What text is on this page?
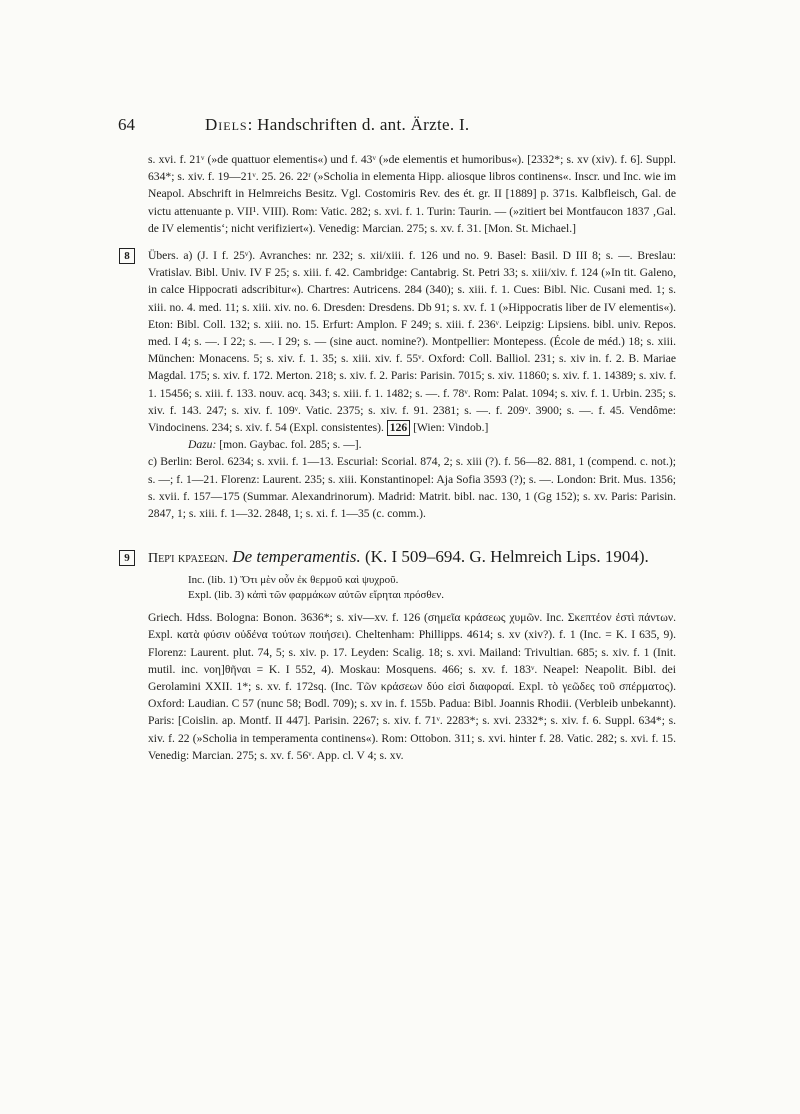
64	Diels: Handschriften d. ant. Ärzte. I.

s. xvi. f. 21ᵛ (»de quattuor elementis«) und f. 43ᵛ (»de elementis et humoribus«). [2332*; s. xv (xiv). f. 6]. Suppl. 634*; s. xiv. f. 19—21ᵛ. 25. 26. 22ʳ (»Scholia in elementa Hipp. aliosque libros continens«. Inscr. und Inc. wie im Neapol. Abschrift in Helmreichs Besitz. Vgl. Costomiris Rev. des ét. gr. II [1889] p. 371s. Kalbfleisch, Gal. de victu attenuante p. VII¹. VIII). Rom: Vatic. 282; s. xvi. f. 1. Turin: Taurin. — (»zitiert bei Montfaucon 1837 ‚Gal. de IV elementis‘; nicht verifiziert«). Venedig: Marcian. 275; s. xv. f. 31. [Mon. St. Michael.]

8	Übers. a) (J. I f. 25ᵛ). Avranches: nr. 232; s. xii/xiii. f. 126 und no. 9. Basel: Basil. D III 8; s. —. Breslau: Vratislav. Bibl. Univ. IV F 25; s. xiii. f. 42. Cambridge: Cantabrig. St. Petri 33; s. xiii/xiv. f. 124 (»In tit. Galeno, in calce Hippocrati adscribitur«). Chartres: Autricens. 284 (340); s. xiii. f. 1. Cues: Bibl. Nic. Cusani med. 1; s. xiii. no. 4. med. 11; s. xiii. xiv. no. 6. Dresden: Dresdens. Db 91; s. xv. f. 1 (»Hippocratis liber de IV elementis«). Eton: Bibl. Coll. 132; s. xiii. no. 15. Erfurt: Amplon. F 249; s. xiii. f. 236ᵛ. Leipzig: Lipsiens. bibl. univ. Repos. med. I 4; s. —. I 22; s. —. I 29; s. — (sine auct. nomine?). Montpellier: Montepess. (École de méd.) 18; s. xiii. München: Monacens. 5; s. xiv. f. 1. 35; s. xiii. xiv. f. 55ᵛ. Oxford: Coll. Balliol. 231; s. xiv in. f. 2. B. Mariae Magdal. 175; s. xiv. f. 172. Merton. 218; s. xiv. f. 2. Paris: Parisin. 7015; s. xiv. 11860; s. xiv. f. 1. 14389; s. xiv. f. 1. 15456; s. xiii. f. 133. nouv. acq. 343; s. xiii. f. 1. 1482; s. —. f. 78ᵛ. Rom: Palat. 1094; s. xiv. f. 1. Urbin. 235; s. xiv. f. 143. 247; s. xiv. f. 109ᵛ. Vatic. 2375; s. xiv. f. 91. 2381; s. —. f. 209ᵛ. 3900; s. —. f. 45. Vendôme: Vindocinens. 234; s. xiv. f. 54 (Expl. consistentes). 126 [Wien: Vindob.]

Dazu: [mon. Gaybac. fol. 285; s. —].

c) Berlin: Berol. 6234; s. xvii. f. 1—13. Escurial: Scorial. 874, 2; s. xiii (?). f. 56—82. 881, 1 (compend. c. not.); s. —; f. 1—21. Florenz: Laurent. 235; s. xiii. Konstantinopel: Aja Sofia 3593 (?); s. —. London: Brit. Mus. 1356; s. xvii. f. 157—175 (Summar. Alexandrinorum). Madrid: Matrit. bibl. nac. 130, 1 (Gg 152); s. xv. Paris: Parisin. 2847, 1; s. xiii. f. 1—32. 2848, 1; s. xi. f. 1—35 (c. comm.).

9	Περὶ κράσεων. De temperamentis. (K. I 509–694. G. Helmreich Lips. 1904).
Inc. (lib. 1) Ὅτι μὲν οὖν ἐκ θερμοῦ καὶ ψυχροῦ.
Expl. (lib. 3) κἀπὶ τῶν φαρμάκων αὐτῶν εἴρηται πρόσθεν.

Griech. Hdss. Bologna: Bonon. 3636*; s. xiv—xv. f. 126 (σημεῖα κράσεως χυμῶν. Inc. Σκεπτέον ἐστὶ πάντων. Expl. κατὰ φύσιν οὐδένα τούτων ποιήσει). Cheltenham: Phillipps. 4614; s. xv (xiv?). f. 1 (Inc. = K. I 635, 9). Florenz: Laurent. plut. 74, 5; s. xiv. p. 17. Leyden: Scalig. 18; s. xvi. Mailand: Trivultian. 685; s. xiv. f. 1 (Init. mutil. inc. νοη]θῆναι = K. I 552, 4). Moskau: Mosquens. 466; s. xv. f. 183ᵛ. Neapel: Neapolit. Bibl. dei Gerolamini XXII. 1*; s. xv. f. 172sq. (Inc. Τῶν κράσεων δύο εἰσὶ διαφοραί. Expl. τὸ γεῶδες τοῦ σπέρματος). Oxford: Laudian. C 57 (nunc 58; Bodl. 709); s. xv in. f. 155b. Padua: Bibl. Joannis Rhodii. (Verbleib unbekannt). Paris: [Coislin. ap. Montf. II 447]. Parisin. 2267; s. xiv. f. 71ᵛ. 2283*; s. xvi. 2332*; s. xiv. f. 6. Suppl. 634*; s. xiv. f. 22 (»Scholia in temperamenta continens«). Rom: Ottobon. 311; s. xvi. hinter f. 28. Vatic. 282; s. xvi. f. 15. Venedig: Marcian. 275; s. xv. f. 56ᵛ. App. cl. V 4; s. xv.
